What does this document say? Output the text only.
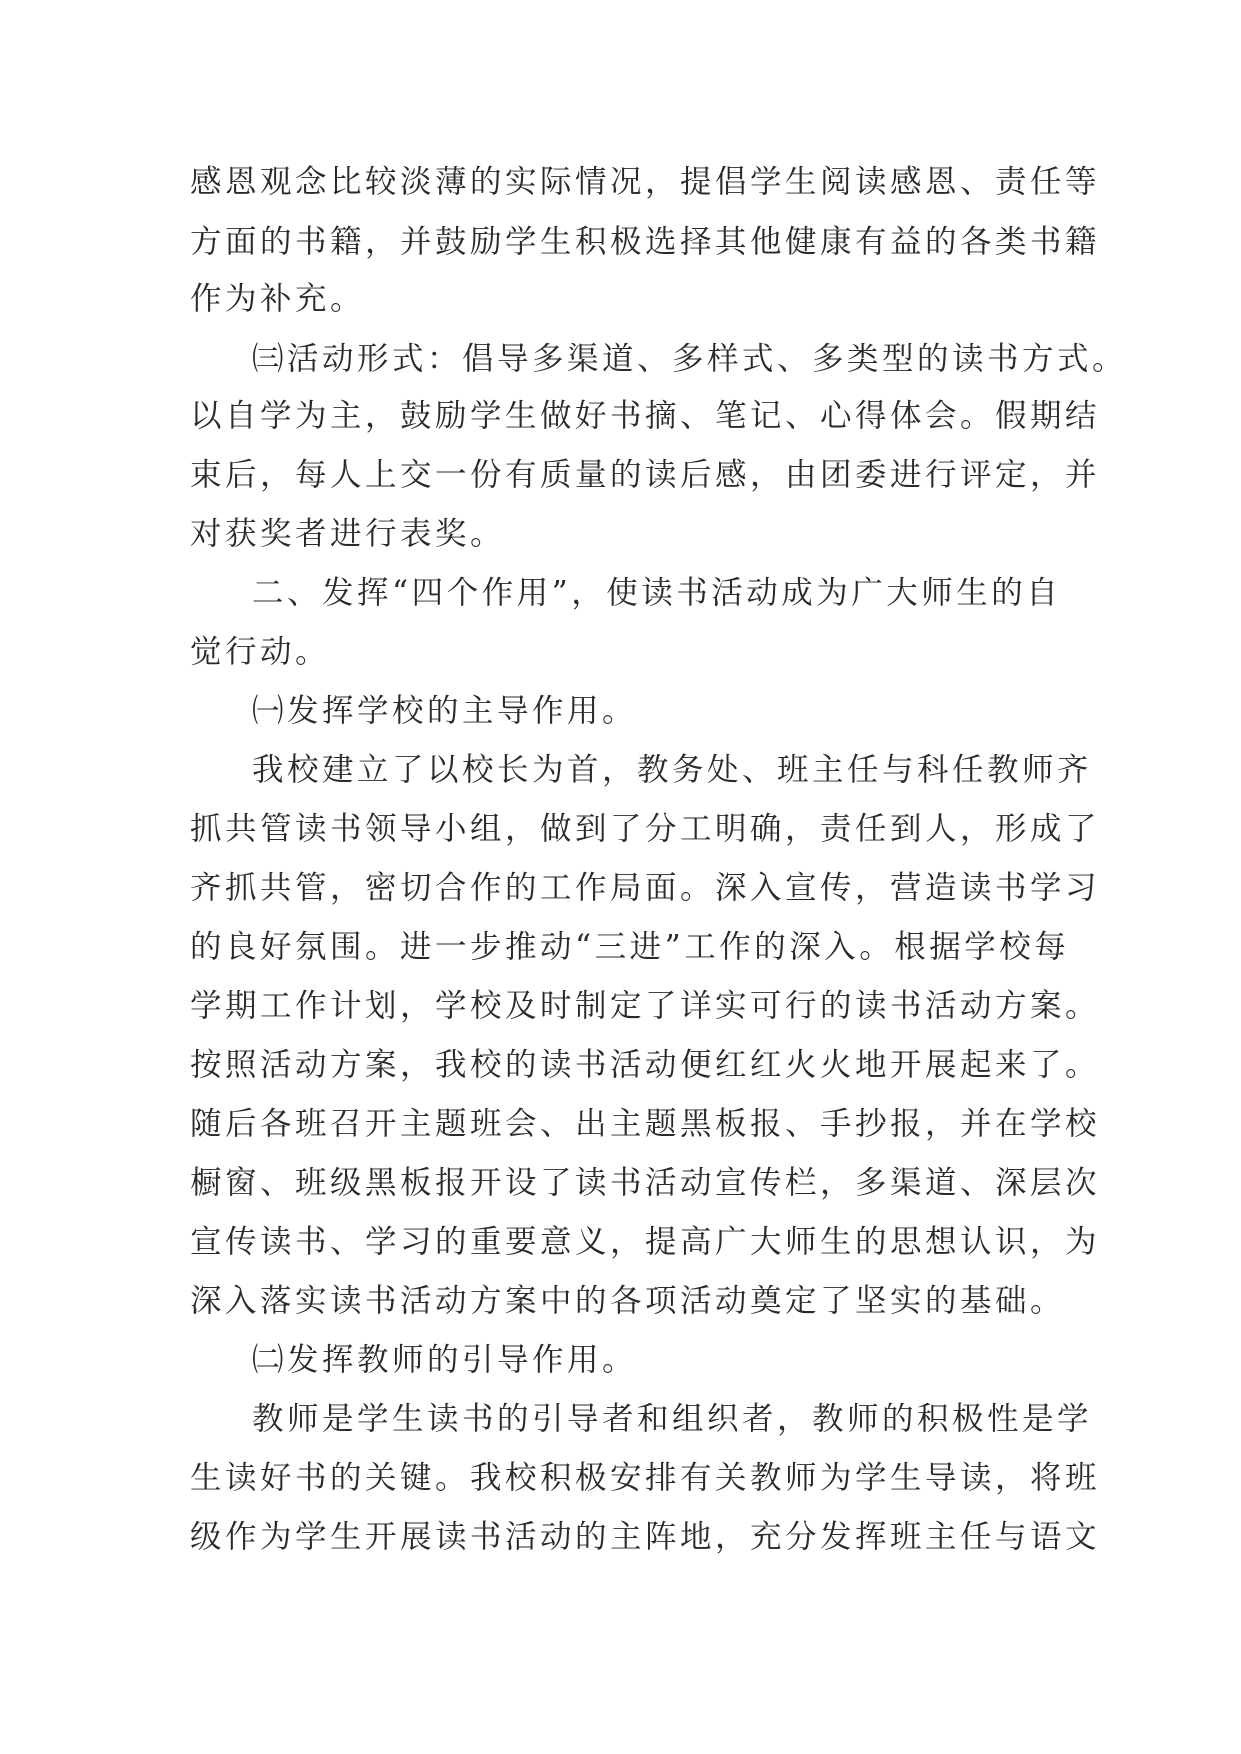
感恩观念比较淡薄的实际情况，提倡学生阅读感恩、责任等
方面的书籍，并鼓励学生积极选择其他健康有益的各类书籍
作为补充。
㈢活动形式：倡导多渠道、多样式、多类型的读书方式。
以自学为主，鼓励学生做好书摘、笔记、心得体会。假期结
束后，每人上交一份有质量的读后感，由团委进行评定，并
对获奖者进行表奖。
二、发挥“四个作用”，使读书活动成为广大师生的自
觉行动。
㈠发挥学校的主导作用。
我校建立了以校长为首，教务处、班主任与科任教师齐
抓共管读书领导小组，做到了分工明确，责任到人，形成了
齐抓共管，密切合作的工作局面。深入宣传，营造读书学习
的良好氛围。进一步推动“三进”工作的深入。根据学校每
学期工作计划，学校及时制定了详实可行的读书活动方案。
按照活动方案，我校的读书活动便红红火火地开展起来了。
随后各班召开主题班会、出主题黑板报、手抄报，并在学校
橱窗、班级黑板报开设了读书活动宣传栏，多渠道、深层次
宣传读书、学习的重要意义，提高广大师生的思想认识，为
深入落实读书活动方案中的各项活动奠定了坚实的基础。
㈡发挥教师的引导作用。
教师是学生读书的引导者和组织者，教师的积极性是学
生读好书的关键。我校积极安排有关教师为学生导读，将班
级作为学生开展读书活动的主阵地，充分发挥班主任与语文
